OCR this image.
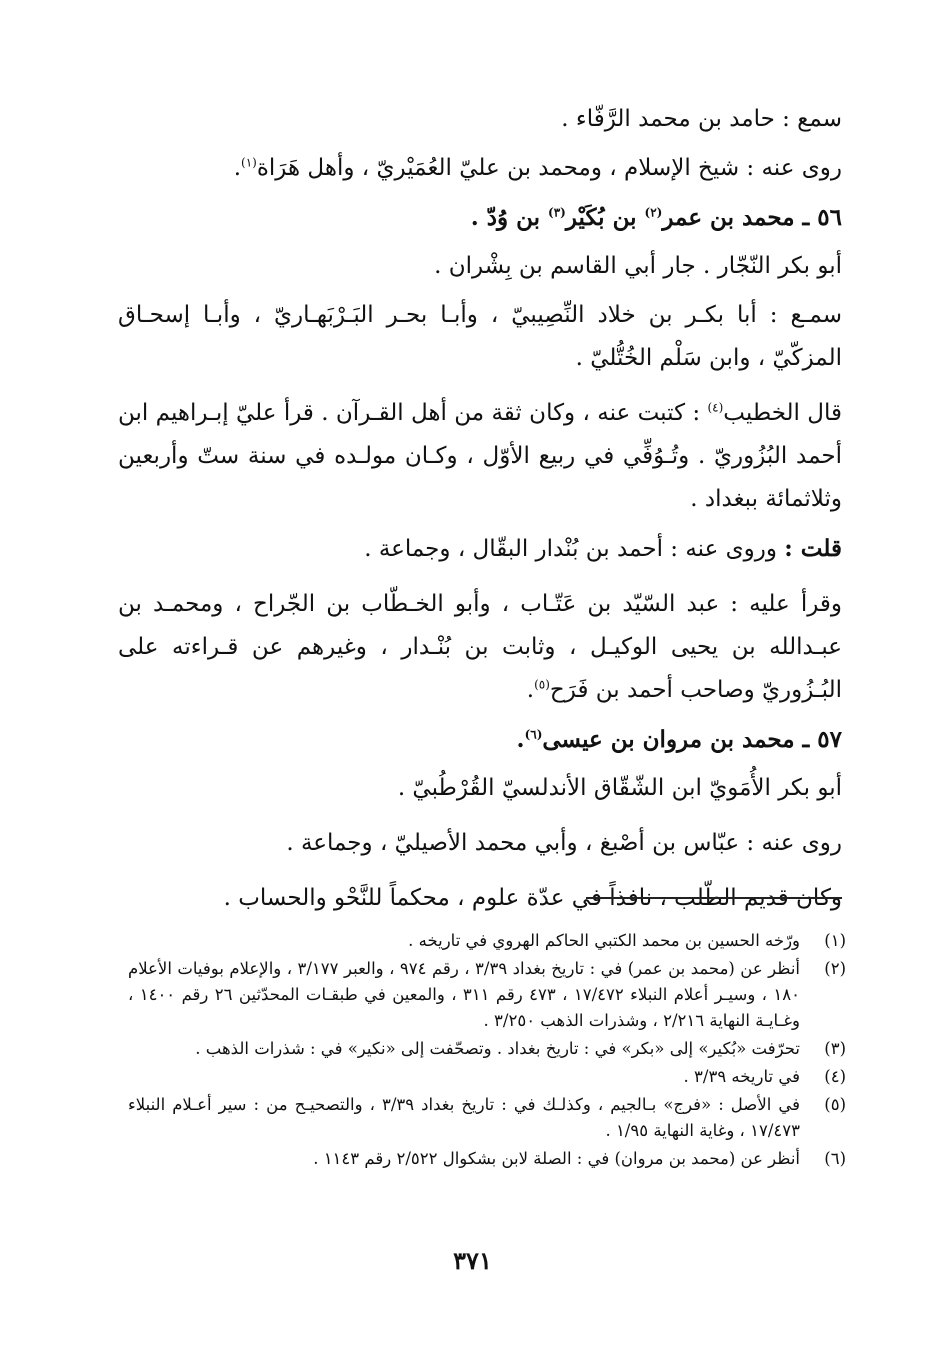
سمع : حامد بن محمد الرَّفّاء .

روى عنه : شيخ الإسلام ، ومحمد بن عليّ العُمَيْريّ ، وأهل هَرَاة$^{(١)}$.

٥٦ ـ محمد بن عمر$^{(٢)}$ بن بُكَيْر$^{(٣)}$ بن وُدّ .

أبو بكر النّجّار . جار أبي القاسم بن بِشْران .

سمـع : أبا بكـر بن خلاد النِّصِيبيّ ، وأبـا بحـر البَـرْبَهـاريّ ، وأبـا إسحـاق المزكّيّ ، وابن سَلْم الخُتُّليّ .

قال الخطيب$^{(٤)}$ : كتبت عنه ، وكان ثقة من أهل القـرآن . قرأ عليّ إبـراهيم ابن أحمد البُزُوريّ . وتُـوُفِّي في ربيع الأوّل ، وكـان مولـده في سنة ستّ وأربعين وثلاثمائة ببغداد .

قلت : وروى عنه : أحمد بن بُنْدار البقّال ، وجماعة .

وقرأ عليه : عبد السّيّد بن عَتّـاب ، وأبو الخـطّاب بن الجّراح ، ومحمـد بن عبـدالله بن يحيى الوكيـل ، وثابت بن بُنْـدار ، وغيرهم عن قـراءته على البُـزُوريّ وصاحب أحمد بن فَرَح$^{(٥)}$.

٥٧ ـ محمد بن مروان بن عيسى$^{(٦)}$.

أبو بكر الأُمَويّ ابن الشّقّاق الأندلسيّ القُرْطُبيّ .

روى عنه : عبّاس بن أصْبغ ، وأبي محمد الأصيليّ ، وجماعة .

وكان قديم الطّلب ، نافذاً في عدّة علوم ، محكماً للنَّحْو والحساب .

(١)
ورّخه الحسين بن محمد الكتبي الحاكم الهروي في تاريخه .
(٢)
أنظر عن (محمد بن عمر) في : تاريخ بغداد ٣/٣٩ ، رقم ٩٧٤ ، والعبر ٣/١٧٧ ، والإعلام بوفيات الأعلام ١٨٠ ، وسيـر أعلام النبلاء ١٧/٤٧٢ ، ٤٧٣ رقم ٣١١ ، والمعين في طبقـات المحدّثين ٢٦ رقم ١٤٠٠ ، وغـايـة النهاية ٢/٢١٦ ، وشذرات الذهب ٣/٢٥٠ .
(٣)
تحرّفت «بُكير» إلى «بكر» في : تاريخ بغداد . وتصحّفت إلى «نكير» في : شذرات الذهب .
(٤)
في تاريخه ٣/٣٩ .
(٥)
في الأصل : «فرج» بـالجيم ، وكذلـك في : تاريخ بغداد ٣/٣٩ ، والتصحيـح من : سير أعـلام النبلاء ١٧/٤٧٣ ، وغاية النهاية ١/٩٥ .
(٦)
أنظر عن (محمد بن مروان) في : الصلة لابن بشكوال ٢/٥٢٢ رقم ١١٤٣ .
٣٧١
